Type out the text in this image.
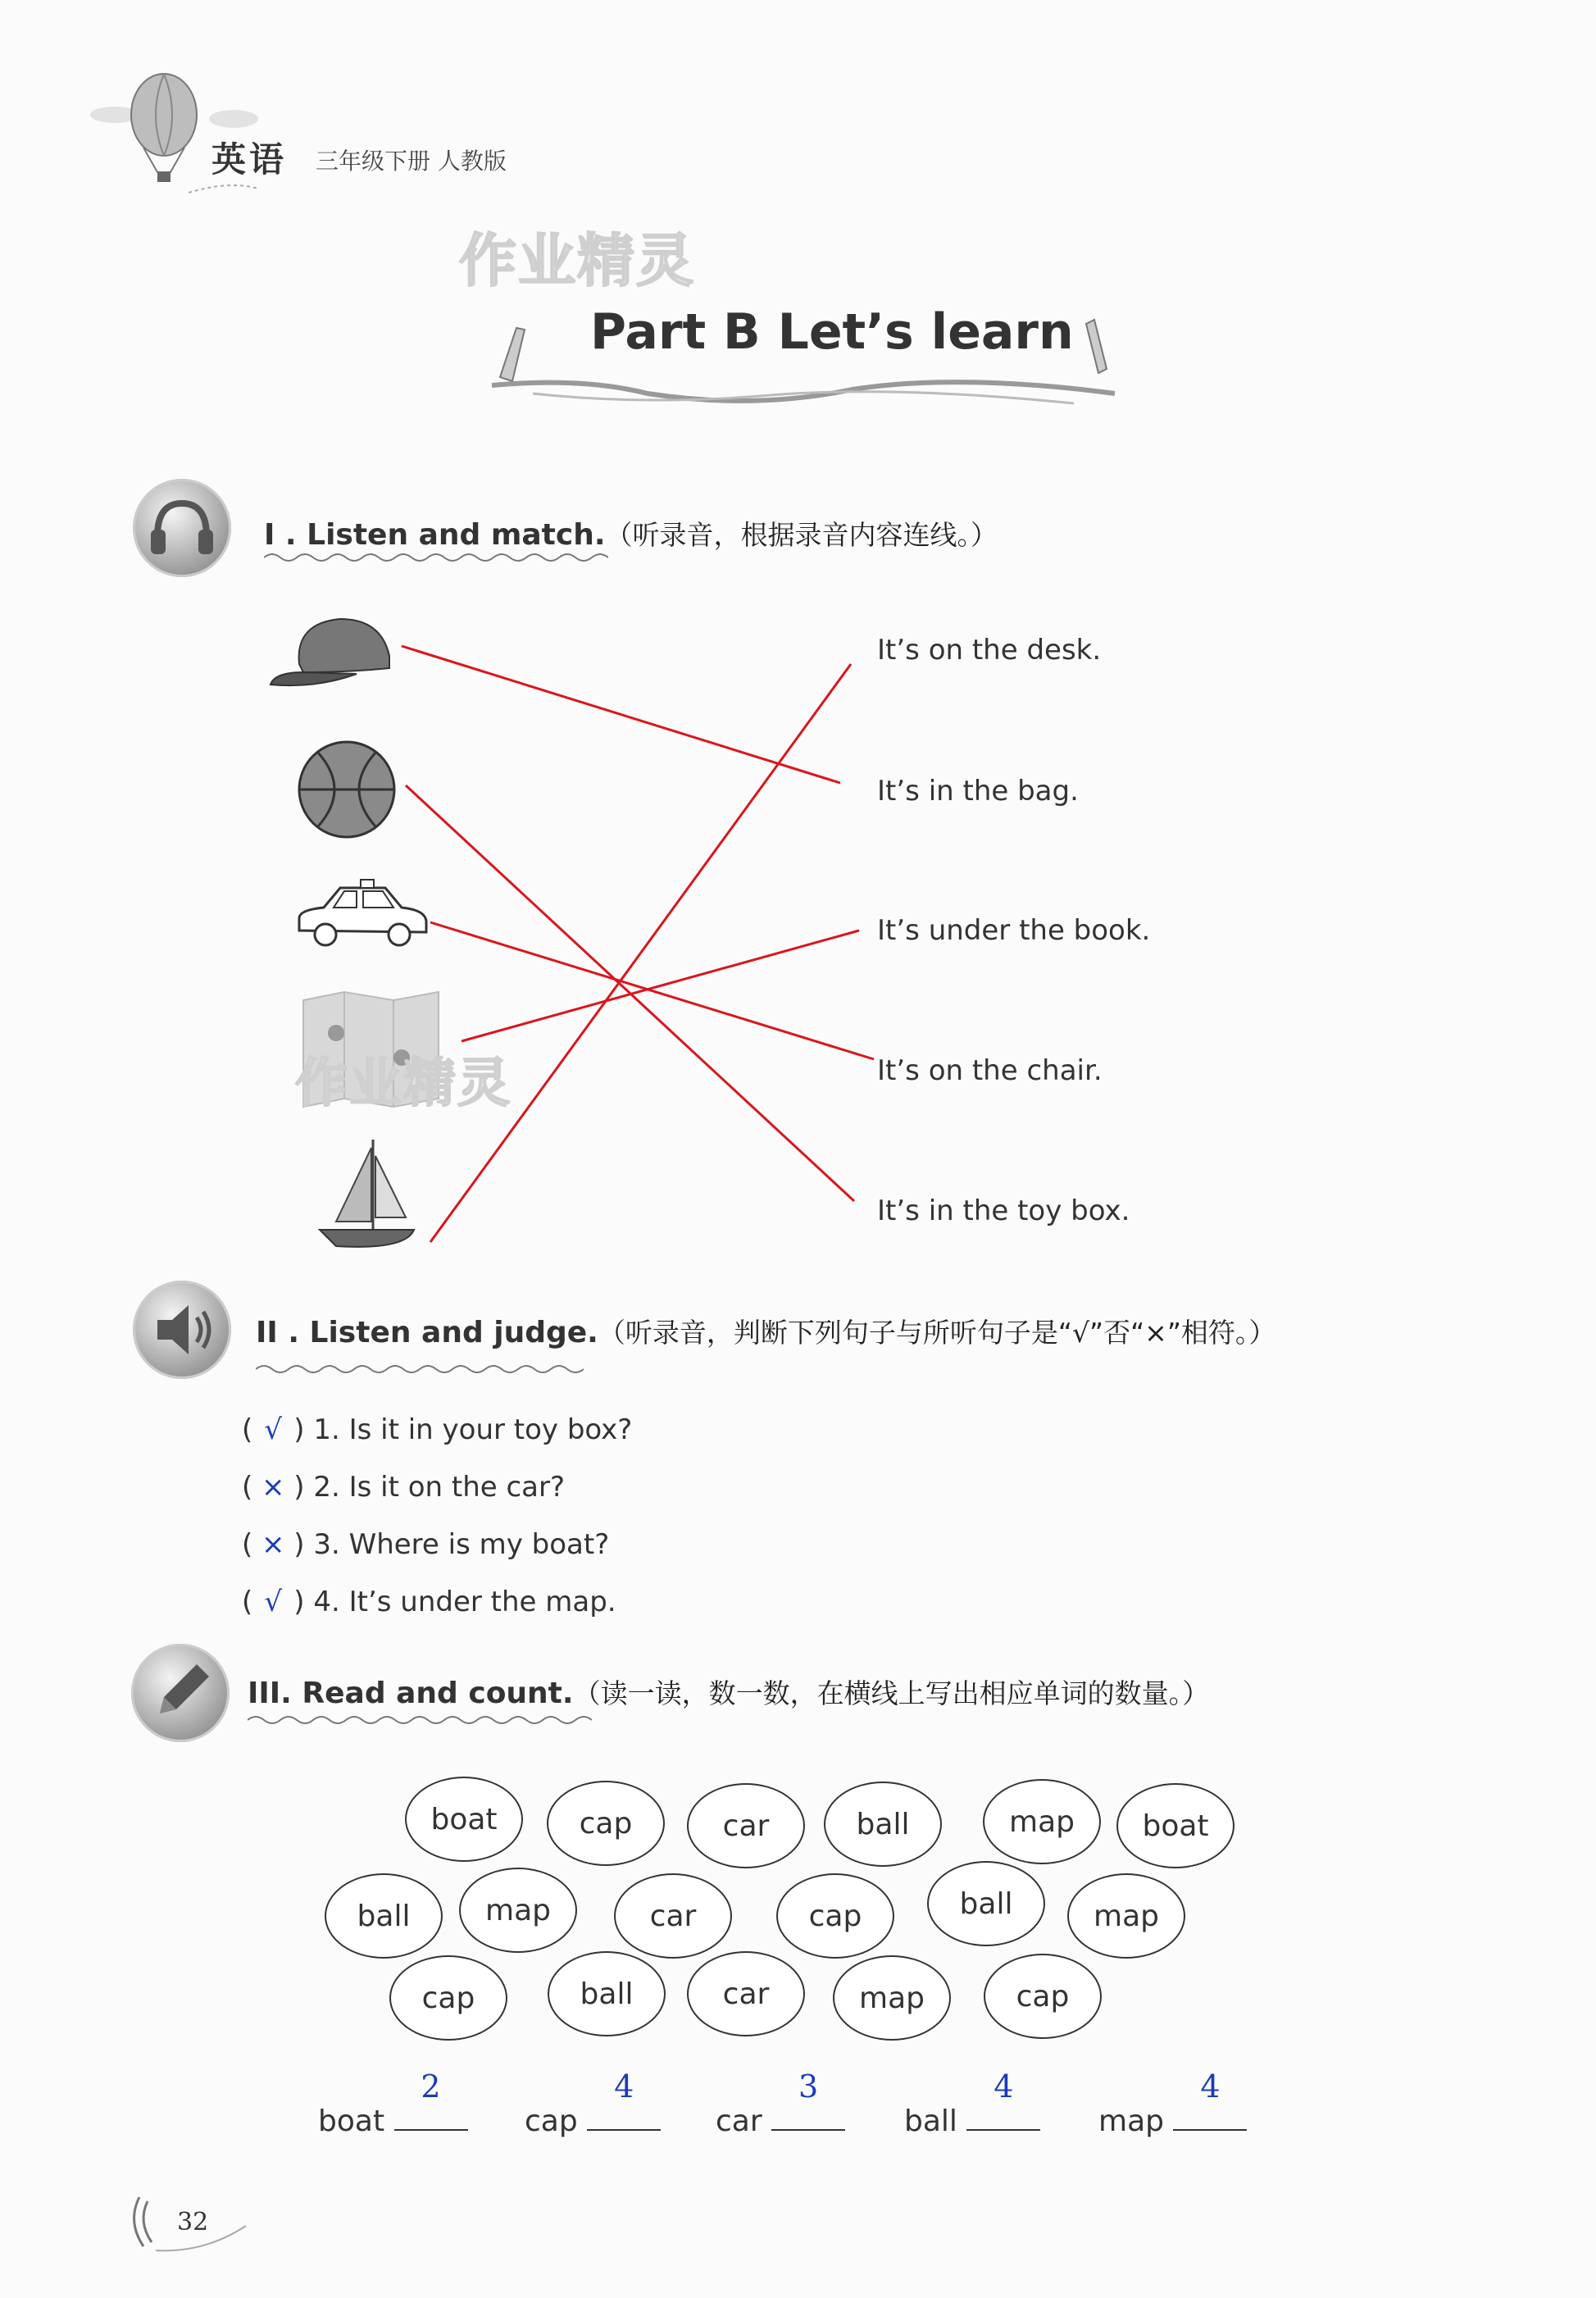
英语 三年级下册 人教版
作业精灵
Part B Let’s learn
I . Listen and match.（听录音，根据录音内容连线。）
作业精灵
It’s on the desk.
It’s in the bag.
It’s under the book.
It’s on the chair.
It’s in the toy box.
II . Listen and judge.（听录音，判断下列句子与所听句子是“√”否“×”相符。）
( √ ) 1. Is it in your toy box?
( × ) 2. Is it on the car?
( × ) 3. Where is my boat?
( √ ) 4. It’s under the map.
III. Read and count.（读一读，数一数，在横线上写出相应单词的数量。）
boat	cap	car	ball	map	boat
ball	map	car	cap	ball	map
cap	ball	car	map	cap
boat
2
cap
4
car
3
ball
4
map
4
32
